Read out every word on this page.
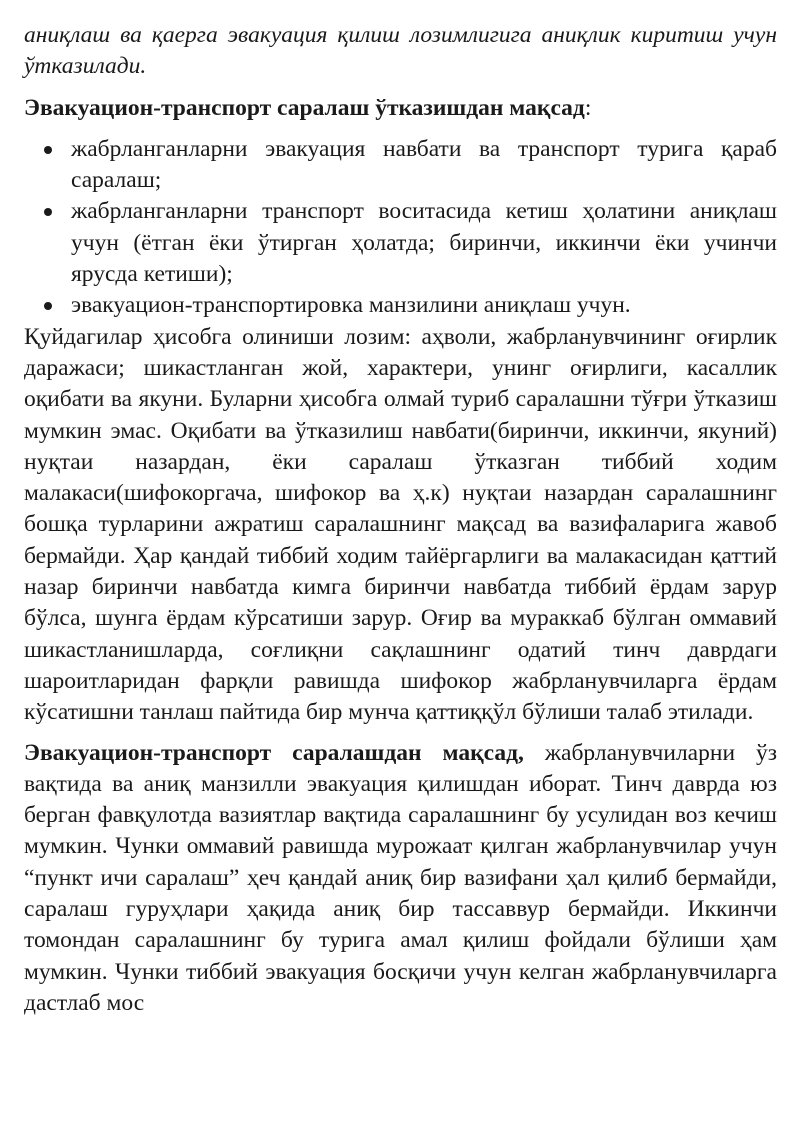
аниқлаш ва қаерга эвакуация қилиш лозимлигига аниқлик киритиш учун ўтказилади.

Эвакуацион-транспорт саралаш ўтказишдан мақсад:

жабрланганларни эвакуация навбати ва транспорт турига қараб саралаш;
жабрланганларни транспорт воситасида кетиш ҳолатини аниқлаш учун (ётган ёки ўтирган ҳолатда; биринчи, иккинчи ёки учинчи ярусда кетиши);
эвакуацион-транспортировка манзилини аниқлаш учун.

Қуйдагилар ҳисобга олиниши лозим: аҳволи, жабрланувчининг оғирлик даражаси; шикастланган жой, характери, унинг оғирлиги, касаллик оқибати ва якуни. Буларни ҳисобга олмай туриб саралашни тўғри ўтказиш мумкин эмас. Оқибати ва ўтказилиш навбати(биринчи, иккинчи, якуний) нуқтаи назардан, ёки саралаш ўтказган тиббий ходим малакаси(шифокоргача, шифокор ва ҳ.к) нуқтаи назардан саралашнинг бошқа турларини ажратиш саралашнинг мақсад ва вазифаларига жавоб бермайди. Ҳар қандай тиббий ходим тайёргарлиги ва малакасидан қаттий назар биринчи навбатда кимга биринчи навбатда тиббий ёрдам зарур бўлса, шунга ёрдам кўрсатиши зарур. Оғир ва мураккаб бўлган оммавий шикастланишларда, соғлиқни сақлашнинг одатий тинч даврдаги шароитларидан фарқли равишда шифокор жабрланувчиларга ёрдам кўсатишни танлаш пайтида бир мунча қаттиққўл бўлиши талаб этилади.

Эвакуацион-транспорт саралашдан мақсад, жабрланувчиларни ўз вақтида ва аниқ манзилли эвакуация қилишдан иборат. Тинч даврда юз берган фавқулотда вазиятлар вақтида саралашнинг бу усулидан воз кечиш мумкин. Чунки оммавий равишда мурожаат қилган жабрланувчилар учун “пункт ичи саралаш” ҳеч қандай аниқ бир вазифани ҳал қилиб бермайди, саралаш гуруҳлари ҳақида аниқ бир тассаввур бермайди. Иккинчи томондан саралашнинг бу турига амал қилиш фойдали бўлиши ҳам мумкин. Чунки тиббий эвакуация босқичи учун келган жабрланувчиларга дастлаб мос
